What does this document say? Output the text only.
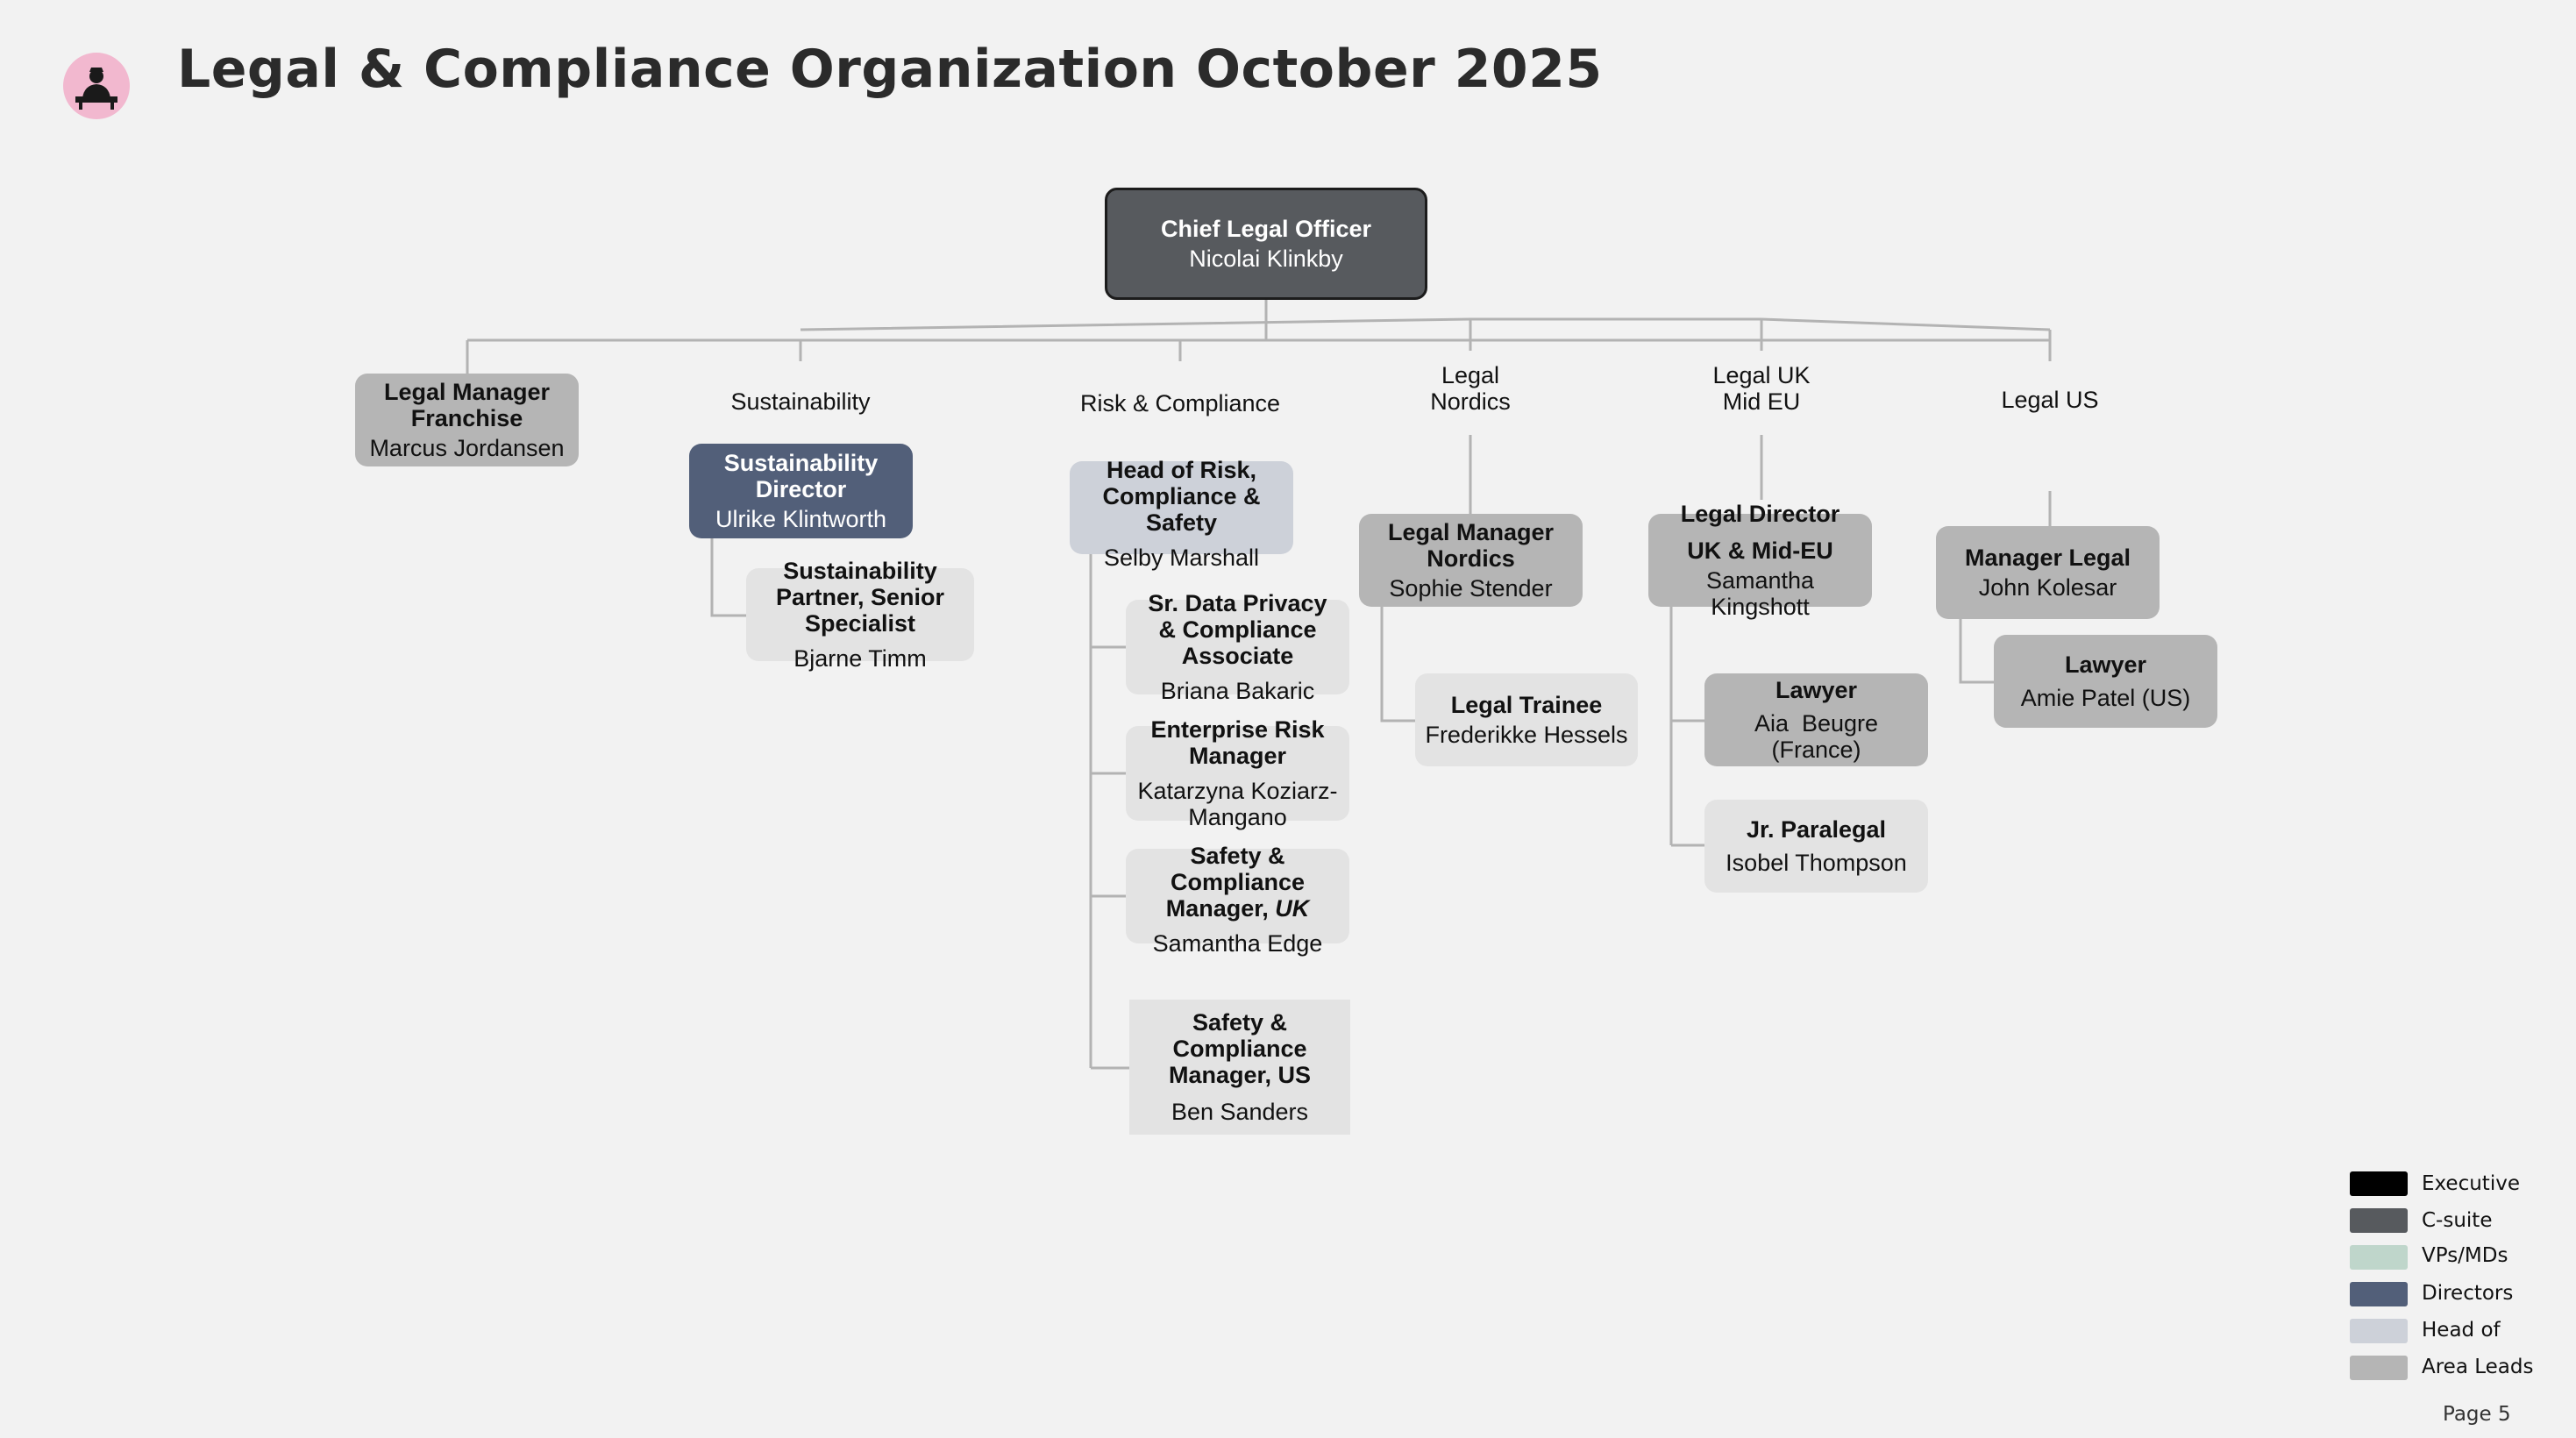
Legal & Compliance Organization October 2025
Chief Legal Officer
Nicolai Klinkby
Legal Manager Franchise
Marcus Jordansen
Sustainability	Risk & Compliance
Legal Nordics
Legal UK Mid EU	Legal US
Sustainability Director
Ulrike Klintworth
Sustainability Partner, Senior Specialist
Bjarne Timm
Head of Risk, Compliance & Safety
Selby Marshall
Sr. Data Privacy & Compliance Associate
Briana Bakaric
Enterprise Risk Manager
Katarzyna Koziarz-Mangano
Safety & Compliance Manager, UK
Samantha Edge
Safety & Compliance Manager, US
Ben Sanders
Legal Manager Nordics
Sophie Stender
Legal Trainee
Frederikke Hessels
Legal Director
UK & Mid-EU
Samantha Kingshott
Lawyer
Aia  Beugre (France)
Jr. Paralegal
Isobel Thompson
Manager Legal
John Kolesar
Lawyer
Amie Patel (US)
Executive
C-suite
VPs/MDs
Directors
Head of
Area Leads
Page 5
